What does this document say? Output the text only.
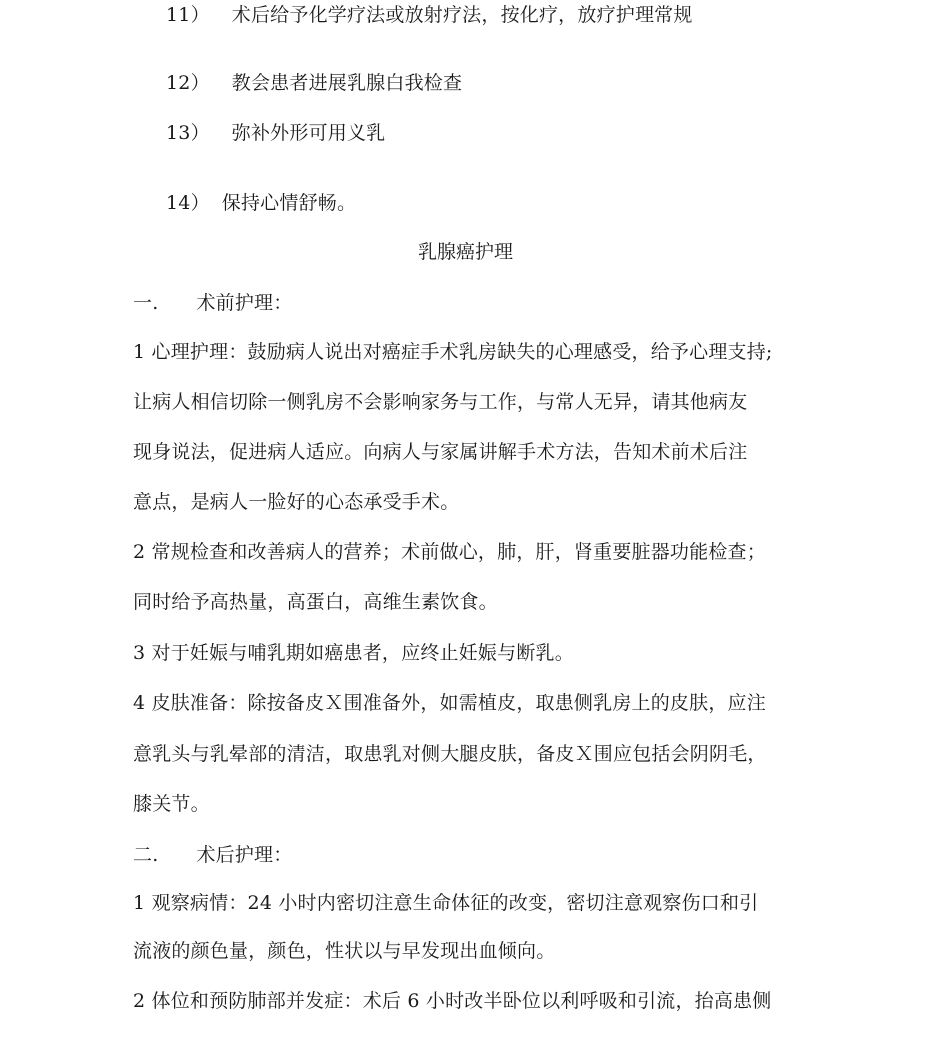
11） 术后给予化学疗法或放射疗法，按化疗，放疗护理常规
12） 教会患者进展乳腺白我检查
13） 弥补外形可用义乳
14） 保持心情舒畅。
乳腺癌护理
一. 术前护理：
1 心理护理：鼓励病人说出对癌症手术乳房缺失的心理感受，给予心理支持;
让病人相信切除一侧乳房不会影响家务与工作，与常人无异，请其他病友
现身说法，促进病人适应。向病人与家属讲解手术方法，告知术前术后注
意点，是病人一脸好的心态承受手术。
2 常规检查和改善病人的营养；术前做心，肺，肝，肾重要脏器功能检查；
同时给予高热量，高蛋白，高维生素饮食。
3 对于妊娠与哺乳期如癌患者，应终止妊娠与断乳。
4 皮肤准备：除按备皮Ｘ围准备外，如需植皮，取患侧乳房上的皮肤，应注
意乳头与乳晕部的清洁，取患乳对侧大腿皮肤，备皮Ｘ围应包括会阴阴毛，
膝关节。
二. 术后护理：
1 观察病情：24 小时内密切注意生命体征的改变，密切注意观察伤口和引
流液的颜色量，颜色，性状以与早发现出血倾向。
2 体位和预防肺部并发症：术后 6 小时改半卧位以利呼吸和引流，抬高患侧
